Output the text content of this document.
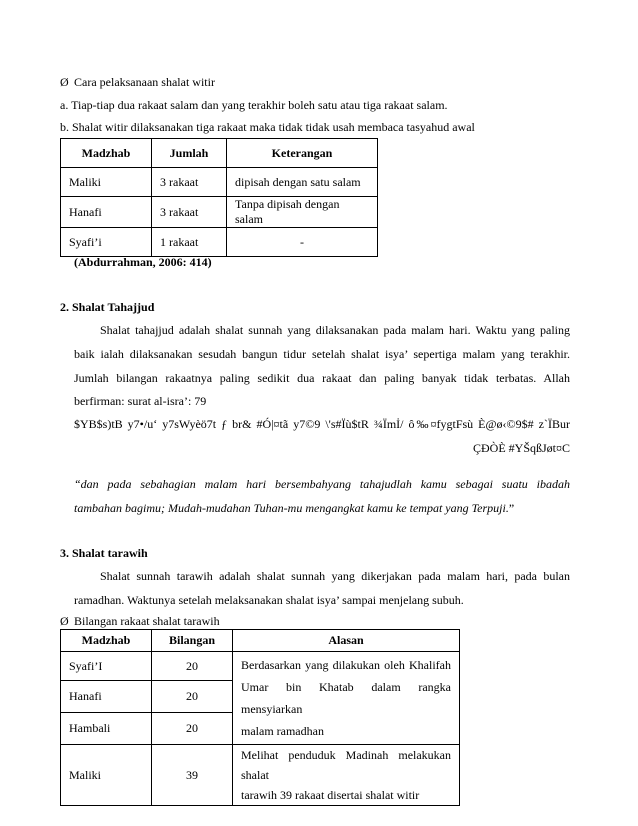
Ø Cara pelaksanaan shalat witir
a. Tiap-tiap dua rakaat salam dan yang terakhir boleh satu atau tiga rakaat salam.
b. Shalat witir dilaksanakan tiga rakaat maka tidak tidak usah membaca tasyahud awal
Madzhab	Jumlah	Keterangan
Maliki	3 rakaat	dipisah dengan satu salam
Hanafi	3 rakaat	Tanpa dipisah dengan salam
Syafi’i	1 rakaat	-
(Abdurrahman, 2006: 414)
2. Shalat Tahajjud
Shalat tahajjud adalah shalat sunnah yang dilaksanakan pada malam hari. Waktu yang paling
baik ialah dilaksanakan sesudah bangun tidur setelah shalat isya’ sepertiga malam yang terakhir.
Jumlah bilangan rakaatnya paling sedikit dua rakaat dan paling banyak tidak terbatas. Allah
berfirman: surat al-isra’: 79
$YB$s)tB y7•/u‘ y7sWyèö7t ƒ br& #Ó|¤tã y7©9 \'s#Ïù$tR ¾Ïmİ/ ô‰¤fygtFsù È@ø‹©9$# z`ÏBur
ÇÐÒÈ #YŠqßJøt¤C
“dan pada sebahagian malam hari bersembahyang tahajudlah kamu sebagai suatu ibadah
tambahan bagimu; Mudah-mudahan Tuhan-mu mengangkat kamu ke tempat yang Terpuji.”
3. Shalat tarawih
Shalat sunnah tarawih adalah shalat sunnah yang dikerjakan pada malam hari, pada bulan
ramadhan. Waktunya setelah melaksanakan shalat isya’ sampai menjelang subuh.
Ø Bilangan rakaat shalat tarawih
Madzhab	Bilangan	Alasan
Syafi’I	20	Berdasarkan yang dilakukan oleh Khalifah
Umar bin Khatab dalam rangka mensyiarkan
malam ramadhan

Hanafi	20	
Hambali	20	
Maliki	39	Melihat penduduk Madinah melakukan shalat
tarawih 39 rakaat disertai shalat witir
